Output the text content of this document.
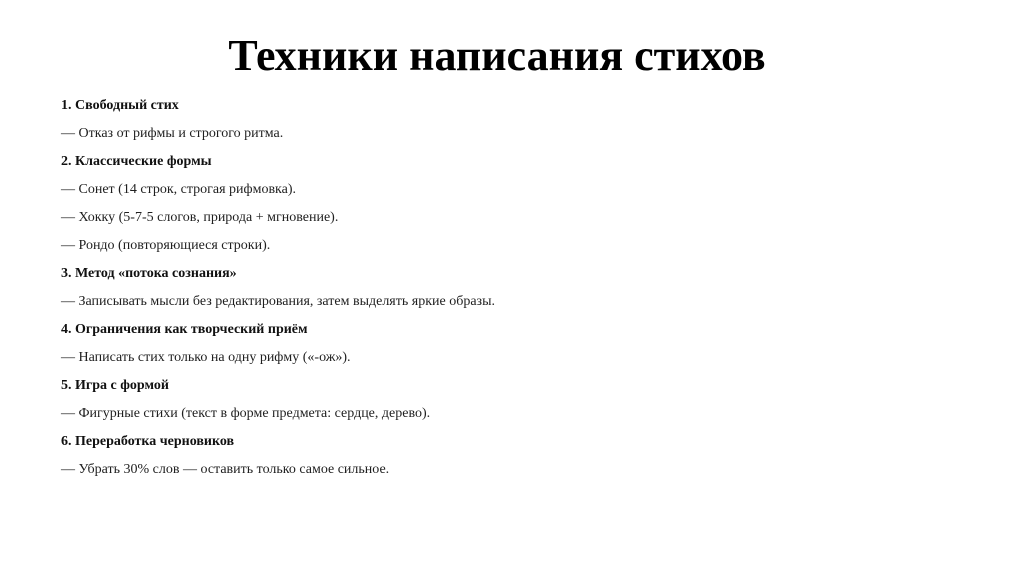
Техники написания стихов
1. Свободный стих
— Отказ от рифмы и строгого ритма.
2. Классические формы
— Сонет (14 строк, строгая рифмовка).
— Хокку (5-7-5 слогов, природа + мгновение).
— Рондо (повторяющиеся строки).
3. Метод «потока сознания»
— Записывать мысли без редактирования, затем выделять яркие образы.
4. Ограничения как творческий приём
— Написать стих только на одну рифму («-ож»).
5. Игра с формой
— Фигурные стихи (текст в форме предмета: сердце, дерево).
6. Переработка черновиков
— Убрать 30% слов — оставить только самое сильное.
